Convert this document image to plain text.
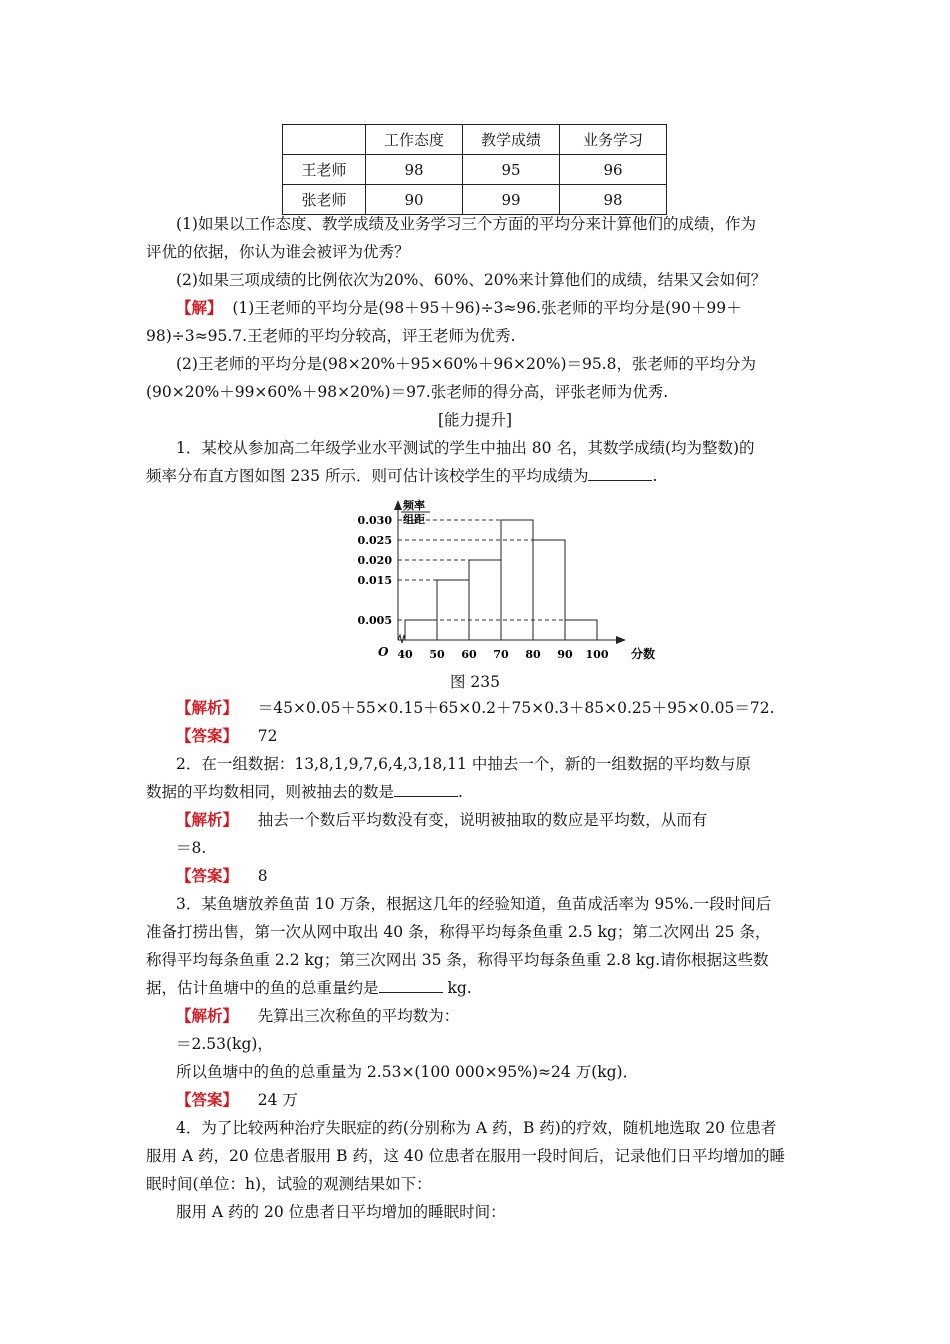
	工作态度	教学成绩	业务学习
王老师	98	95	96
张老师	90	99	98
(1)如果以工作态度、教学成绩及业务学习三个方面的平均分来计算他们的成绩，作为
评优的依据，你认为谁会被评为优秀？
(2)如果三项成绩的比例依次为20%、60%、20%来计算他们的成绩，结果又会如何？
【解】 (1)王老师的平均分是(98＋95＋96)÷3≈96.张老师的平均分是(90＋99＋
98)÷3≈95.7.王老师的平均分较高，评王老师为优秀.
(2)王老师的平均分是(98×20%＋95×60%＋96×20%)＝95.8，张老师的平均分为
(90×20%＋99×60%＋98×20%)＝97.张老师的得分高，评张老师为优秀.
[能力提升]
1．某校从参加高二年级学业水平测试的学生中抽出 80 名，其数学成绩(均为整数)的
频率分布直方图如图 235 所示．则可估计该校学生的平均成绩为	.
0.005
0.015
0.020
0.025
0.030
40 50 60 70 80 90 100 分数
O
频率
组距
图 235
【解析】 ＝45×0.05＋55×0.15＋65×0.2＋75×0.3＋85×0.25＋95×0.05＝72.
【答案】 72
2．在一组数据：13,8,1,9,7,6,4,3,18,11 中抽去一个，新的一组数据的平均数与原
数据的平均数相同，则被抽去的数是	.
【解析】 抽去一个数后平均数没有变，说明被抽取的数应是平均数，从而有
＝8.
【答案】 8
3．某鱼塘放养鱼苗 10 万条，根据这几年的经验知道，鱼苗成活率为 95%.一段时间后
准备打捞出售，第一次从网中取出 40 条，称得平均每条鱼重 2.5 kg；第二次网出 25 条，
称得平均每条鱼重 2.2 kg；第三次网出 35 条，称得平均每条鱼重 2.8 kg.请你根据这些数
据，估计鱼塘中的鱼的总重量约是	kg.
【解析】 先算出三次称鱼的平均数为：
＝2.53(kg)，
所以鱼塘中的鱼的总重量为 2.53×(100 000×95%)≈24 万(kg)．
【答案】 24 万
4．为了比较两种治疗失眠症的药(分别称为 A 药，B 药)的疗效，随机地选取 20 位患者
服用 A 药，20 位患者服用 B 药，这 40 位患者在服用一段时间后，记录他们日平均增加的睡
眠时间(单位：h)，试验的观测结果如下：
服用 A 药的 20 位患者日平均增加的睡眠时间：
